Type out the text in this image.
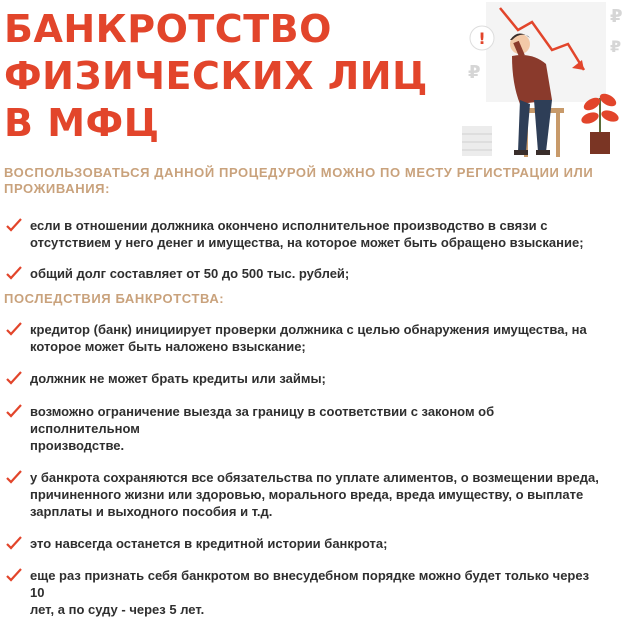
БАНКРОТСТВО
ФИЗИЧЕСКИХ ЛИЦ
В МФЦ
!
₽
₽
₽

ВОСПОЛЬЗОВАТЬСЯ ДАННОЙ ПРОЦЕДУРОЙ МОЖНО ПО МЕСТУ РЕГИСТРАЦИИ ИЛИ
ПРОЖИВАНИЯ:

если в отношении должника окончено исполнительное производство в связи с
отсутствием у него денег и имущества, на которое может быть обращено взыскание;
общий долг составляет от 50 до 500 тыс. рублей;

ПОСЛЕДСТВИЯ БАНКРОТСТВА:

кредитор (банк) инициирует проверки должника с целью обнаружения имущества, на
которое может быть наложено взыскание;
должник не может брать кредиты или займы;
возможно ограничение выезда за границу в соответствии с законом об исполнительном
производстве.
у банкрота сохраняются все обязательства по уплате алиментов, о возмещении вреда,
причиненного жизни или здоровью, морального вреда, вреда имуществу, о выплате
зарплаты и выходного пособия и т.д.
это навсегда останется в кредитной истории банкрота;
еще раз признать себя банкротом во внесудебном порядке можно будет только через 10
лет, а по суду - через 5 лет.
